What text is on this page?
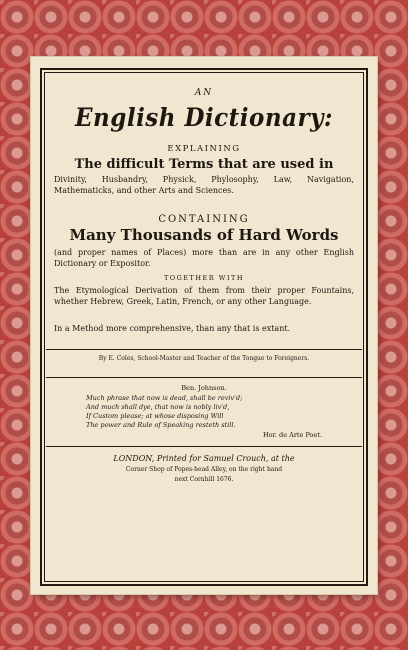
AN
English Dictionary:
EXPLAINING
The difficult Terms that are used in
Divinity, Husbandry, Physick, Phylosophy, Law, Navigation, Mathematicks, and other Arts and Sciences.
CONTAINING
Many Thousands of Hard Words
(and proper names of Places) more than are in any other English Dictionary or Expositor.
TOGETHER WITH
The Etymological Derivation of them from their proper Fountains, whether Hebrew, Greek, Latin, French, or any other Language.
In a Method more comprehensive, than any that is extant.
By E. Coles, School-Master and Teacher of the Tongue to Foreigners.
Ben. Johnson.
Much phrase that now is dead, shall be reviv'd;
And much shall dye, that now is nobly liv'd,
If Custom please; at whose disposing Will
The power and Rule of Speaking resteth still.
Hor. de Arte Poet.
LONDON, Printed for Samuel Crouch, at the
Corner Shop of Popes-head Alley, on the right hand
next Cornhill 1676.
